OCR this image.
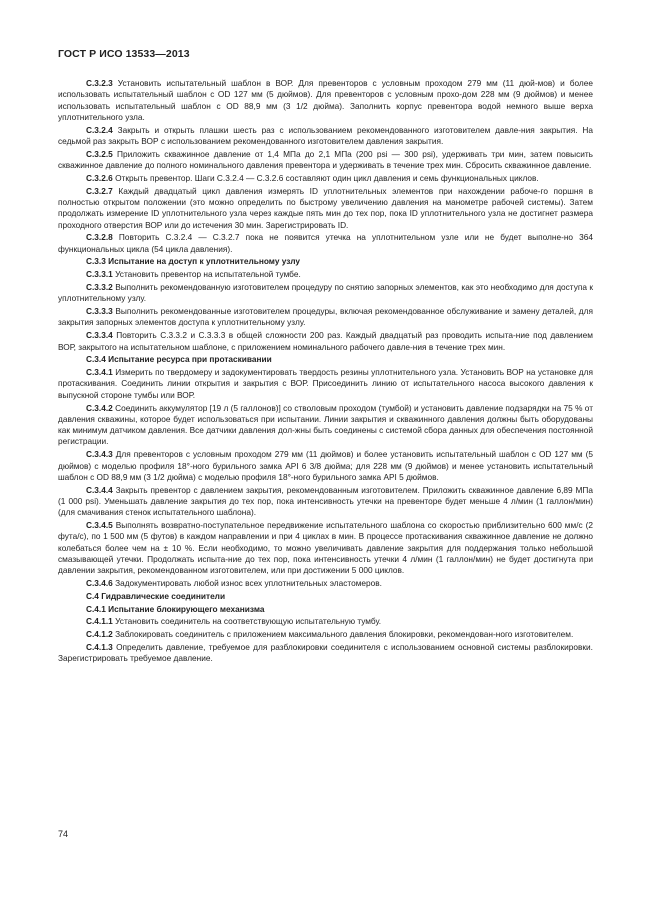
ГОСТ Р ИСО 13533—2013
C.3.2.3 Установить испытательный шаблон в ВОР. Для превенторов с условным проходом 279 мм (11 дюй-мов) и более использовать испытательный шаблон с OD 127 мм (5 дюймов). Для превенторов с условным прохо-дом 228 мм (9 дюймов) и менее использовать испытательный шаблон с OD 88,9 мм (3 1/2 дюйма). Заполнить корпус превентора водой немного выше верха уплотнительного узла.
C.3.2.4 Закрыть и открыть плашки шесть раз с использованием рекомендованного изготовителем давле-ния закрытия. На седьмой раз закрыть ВОР с использованием рекомендованного изготовителем давления закрытия.
C.3.2.5 Приложить скважинное давление от 1,4 МПа до 2,1 МПа (200 psi — 300 psi), удерживать три мин, затем повысить скважинное давление до полного номинального давления превентора и удерживать в течение трех мин. Сбросить скважинное давление.
C.3.2.6 Открыть превентор. Шаги С.3.2.4 — С.3.2.6 составляют один цикл давления и семь функциональных циклов.
C.3.2.7 Каждый двадцатый цикл давления измерять ID уплотнительных элементов при нахождении рабоче-го поршня в полностью открытом положении (это можно определить по быстрому увеличению давления на манометре рабочей системы). Затем продолжать измерение ID уплотнительного узла через каждые пять мин до тех пор, пока ID уплотнительного узла не достигнет размера проходного отверстия ВОР или до истечения 30 мин. Зарегистрировать ID.
C.3.2.8 Повторить С.3.2.4 — С.3.2.7 пока не появится утечка на уплотнительном узле или не будет выполне-но 364 функциональных цикла (54 цикла давления).
C.3.3 Испытание на доступ к уплотнительному узлу
C.3.3.1 Установить превентор на испытательной тумбе.
C.3.3.2 Выполнить рекомендованную изготовителем процедуру по снятию запорных элементов, как это необходимо для доступа к уплотнительному узлу.
C.3.3.3 Выполнить рекомендованные изготовителем процедуры, включая рекомендованное обслуживание и замену деталей, для закрытия запорных элементов доступа к уплотнительному узлу.
C.3.3.4 Повторить С.3.3.2 и С.3.3.3 в общей сложности 200 раз. Каждый двадцатый раз проводить испыта-ние под давлением ВОР, закрытого на испытательном шаблоне, с приложением номинального рабочего давле-ния в течение трех мин.
C.3.4 Испытание ресурса при протаскивании
C.3.4.1 Измерить по твердомеру и задокументировать твердость резины уплотнительного узла. Установить ВОР на установке для протаскивания. Соединить линии открытия и закрытия с ВОР. Присоединить линию от испытательного насоса высокого давления к выпускной стороне тумбы или ВОР.
C.3.4.2 Соединить аккумулятор [19 л (5 галлонов)] со стволовым проходом (тумбой) и установить давление подзарядки на 75 % от давления скважины, которое будет использоваться при испытании. Линии закрытия и скважинного давления должны быть оборудованы как минимум датчиком давления. Все датчики давления дол-жны быть соединены с системой сбора данных для обеспечения постоянной регистрации.
C.3.4.3 Для превенторов с условным проходом 279 мм (11 дюймов) и более установить испытательный шаблон с OD 127 мм (5 дюймов) с моделью профиля 18°-ного бурильного замка API 6 3/8 дюйма; для 228 мм (9 дюймов) и менее установить испытательный шаблон с OD 88,9 мм (3 1/2 дюйма) с моделью профиля 18°-ного бурильного замка API 5 дюймов.
C.3.4.4 Закрыть превентор с давлением закрытия, рекомендованным изготовителем. Приложить скважинное давление 6,89 МПа (1 000 psi). Уменьшать давление закрытия до тех пор, пока интенсивность утечки на превенторе будет меньше 4 л/мин (1 галлон/мин) (для смачивания стенок испытательного шаблона).
C.3.4.5 Выполнять возвратно-поступательное передвижение испытательного шаблона со скоростью приблизительно 600 мм/с (2 фута/с), по 1 500 мм (5 футов) в каждом направлении и при 4 циклах в мин. В процессе протаскивания скважинное давление не должно колебаться более чем на ± 10 %. Если необходимо, то можно увеличивать давление закрытия для поддержания только небольшой смазывающей утечки. Продолжать испыта-ние до тех пор, пока интенсивность утечки 4 л/мин (1 галлон/мин) не будет достигнута при давлении закрытия, рекомендованном изготовителем, или при достижении 5 000 циклов.
C.3.4.6 Задокументировать любой износ всех уплотнительных эластомеров.
C.4 Гидравлические соединители
C.4.1 Испытание блокирующего механизма
C.4.1.1 Установить соединитель на соответствующую испытательную тумбу.
C.4.1.2 Заблокировать соединитель с приложением максимального давления блокировки, рекомендован-ного изготовителем.
C.4.1.3 Определить давление, требуемое для разблокировки соединителя с использованием основной системы разблокировки. Зарегистрировать требуемое давление.
74
